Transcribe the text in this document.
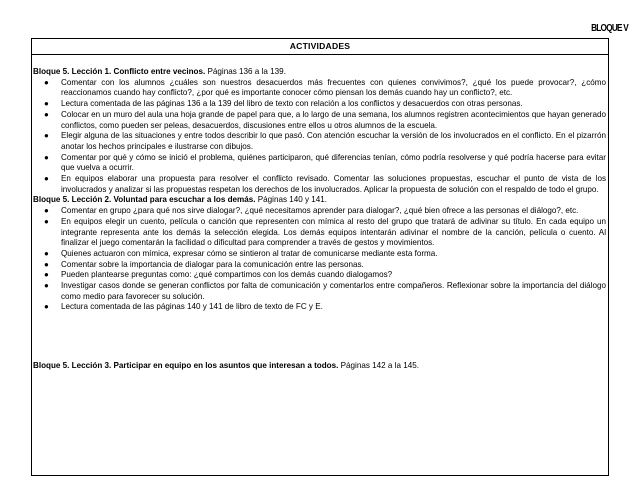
BLOQUE V
ACTIVIDADES

Bloque 5. Lección 1. Conflicto entre vecinos. Páginas 136 a la 139.

● Comentar con los alumnos ¿cuáles son nuestros desacuerdos más frecuentes con quienes convivimos?, ¿qué los puede provocar?, ¿cómo reaccionamos cuando hay conflicto?, ¿por qué es importante conocer cómo piensan los demás cuando hay un conflicto?, etc.
● Lectura comentada de las páginas 136 a la 139 del libro de texto con relación a los conflictos y desacuerdos con otras personas.
● Colocar en un muro del aula una hoja grande de papel para que, a lo largo de una semana, los alumnos registren acontecimientos que hayan generado conflictos, como pueden ser peleas, desacuerdos, discusiones entre ellos u otros alumnos de la escuela.
● Elegir alguna de las situaciones y entre todos describir lo que pasó. Con atención escuchar la versión de los involucrados en el conflicto. En el pizarrón anotar los hechos principales e ilustrarse con dibujos.
● Comentar por qué y cómo se inició el problema, quiénes participaron, qué diferencias tenían, cómo podría resolverse y qué podría hacerse para evitar que vuelva a ocurrir.
● En equipos elaborar una propuesta para resolver el conflicto revisado. Comentar las soluciones propuestas, escuchar el punto de vista de los involucrados y analizar si las propuestas respetan los derechos de los involucrados. Aplicar la propuesta de solución con el respaldo de todo el grupo.

Bloque 5. Lección 2. Voluntad para escuchar a los demás. Páginas 140 y 141.

● Comentar en grupo ¿para qué nos sirve dialogar?, ¿qué necesitamos aprender para dialogar?, ¿qué bien ofrece a las personas el diálogo?, etc.
● En equipos elegir un cuento, película o canción que representen con mímica al resto del grupo que tratará de adivinar su título. En cada equipo un integrante representa ante los demás la selección elegida. Los demás equipos intentarán adivinar el nombre de la canción, película o cuento. Al finalizar el juego comentarán la facilidad o dificultad para comprender a través de gestos y movimientos.
● Quienes actuaron con mímica, expresar cómo se sintieron al tratar de comunicarse mediante esta forma.
● Comentar sobre la importancia de dialogar para la comunicación entre las personas.
● Pueden plantearse preguntas como: ¿qué compartimos con los demás cuando dialogamos?
● Investigar casos donde se generan conflictos por falta de comunicación y comentarlos entre compañeros. Reflexionar sobre la importancia del diálogo como medio para favorecer su solución.
● Lectura comentada de las páginas 140 y 141 de libro de texto de FC y E.

Bloque 5. Lección 3. Participar en equipo en los asuntos que interesan a todos. Páginas 142 a la 145.
